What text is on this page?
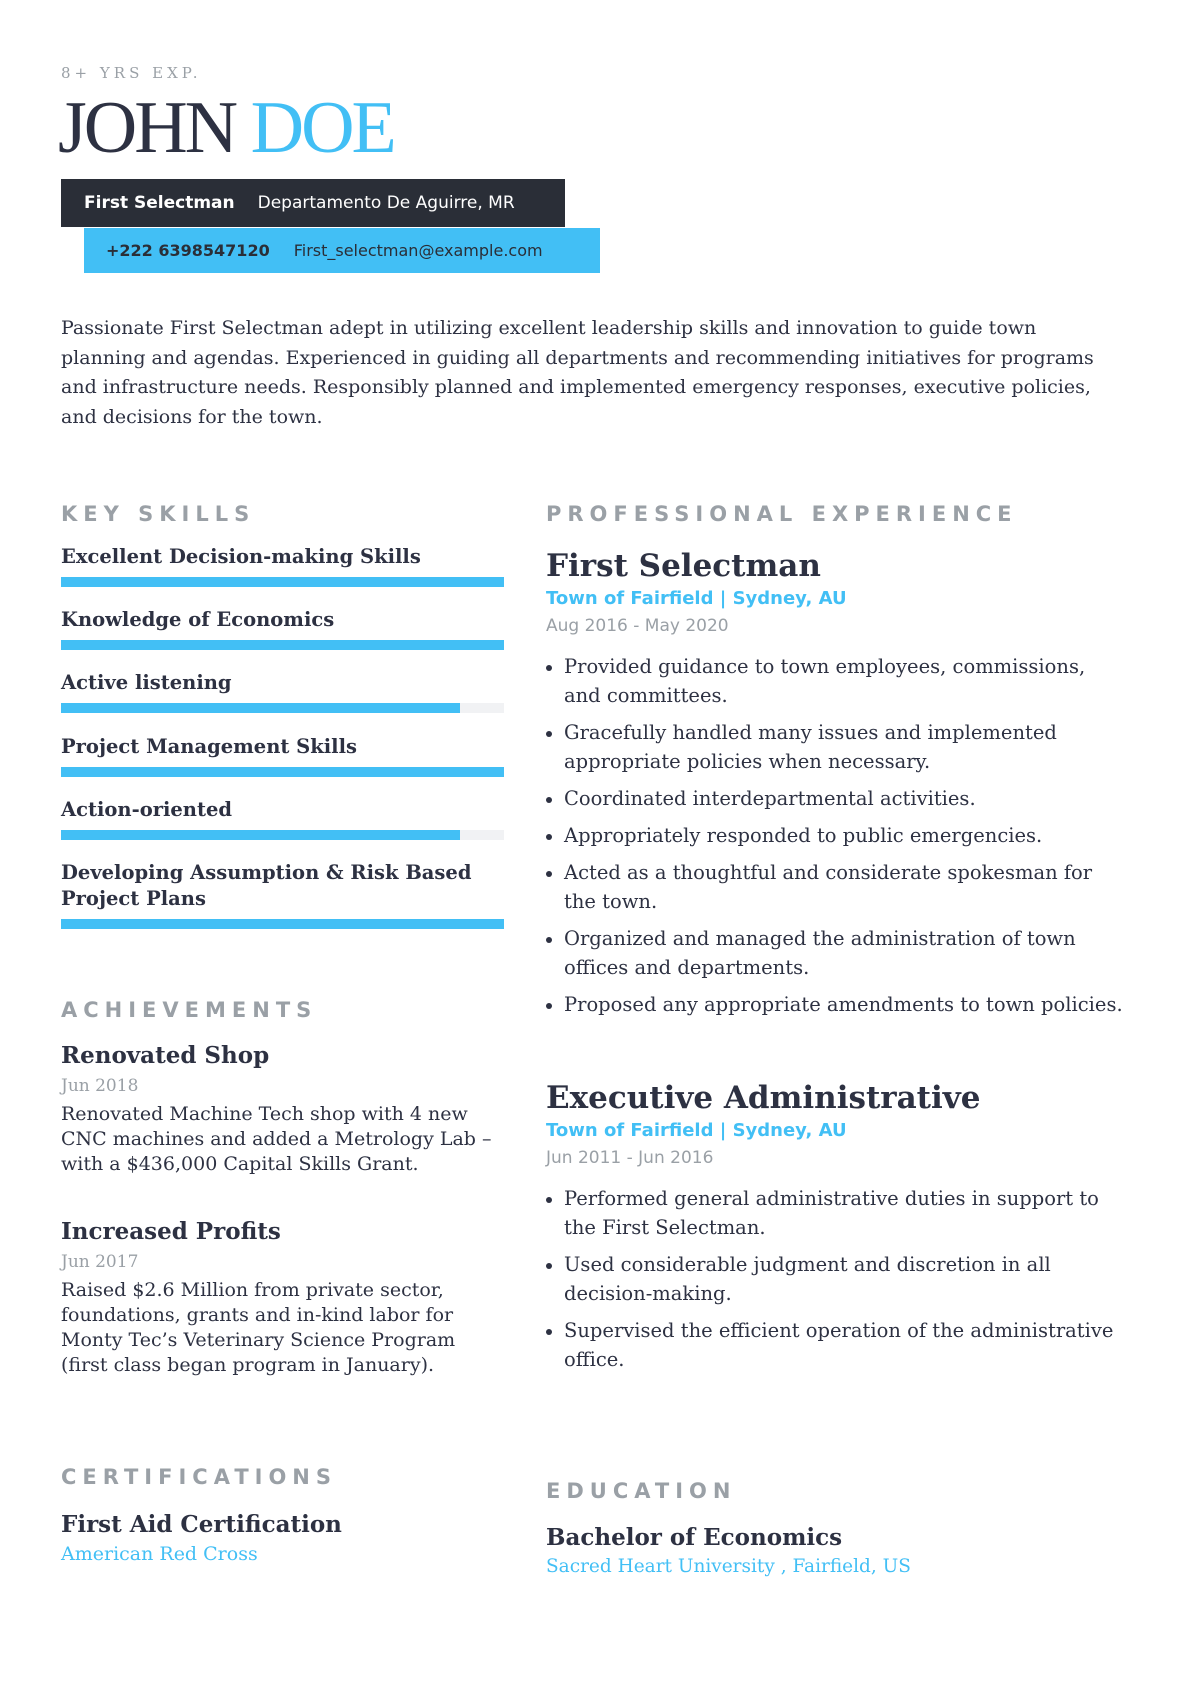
8+ YRS EXP.
JOHN DOE
First Selectman Departamento De Aguirre, MR
+222 6398547120 First_selectman@example.com
Passionate First Selectman adept in utilizing excellent leadership skills and innovation to guide town planning and agendas. Experienced in guiding all departments and recommending initiatives for programs and infrastructure needs. Responsibly planned and implemented emergency responses, executive policies, and decisions for the town.
KEY SKILLS
Excellent Decision-making Skills
Knowledge of Economics
Active listening
Project Management Skills
Action-oriented
Developing Assumption & Risk Based Project Plans
ACHIEVEMENTS
Renovated Shop
Jun 2018
Renovated Machine Tech shop with 4 new CNC machines and added a Metrology Lab – with a $436,000 Capital Skills Grant.
Increased Profits
Jun 2017
Raised $2.6 Million from private sector, foundations, grants and in-kind labor for Monty Tec’s Veterinary Science Program (first class began program in January).
CERTIFICATIONS
First Aid Certification
American Red Cross
PROFESSIONAL EXPERIENCE
First Selectman
Town of Fairfield | Sydney, AU
Aug 2016 - May 2020
Provided guidance to town employees, commissions, and committees.
Gracefully handled many issues and implemented appropriate policies when necessary.
Coordinated interdepartmental activities.
Appropriately responded to public emergencies.
Acted as a thoughtful and considerate spokesman for the town.
Organized and managed the administration of town offices and departments.
Proposed any appropriate amendments to town policies.
Executive Administrative
Town of Fairfield | Sydney, AU
Jun 2011 - Jun 2016
Performed general administrative duties in support to the First Selectman.
Used considerable judgment and discretion in all decision-making.
Supervised the efficient operation of the administrative office.
EDUCATION
Bachelor of Economics
Sacred Heart University , Fairfield, US
